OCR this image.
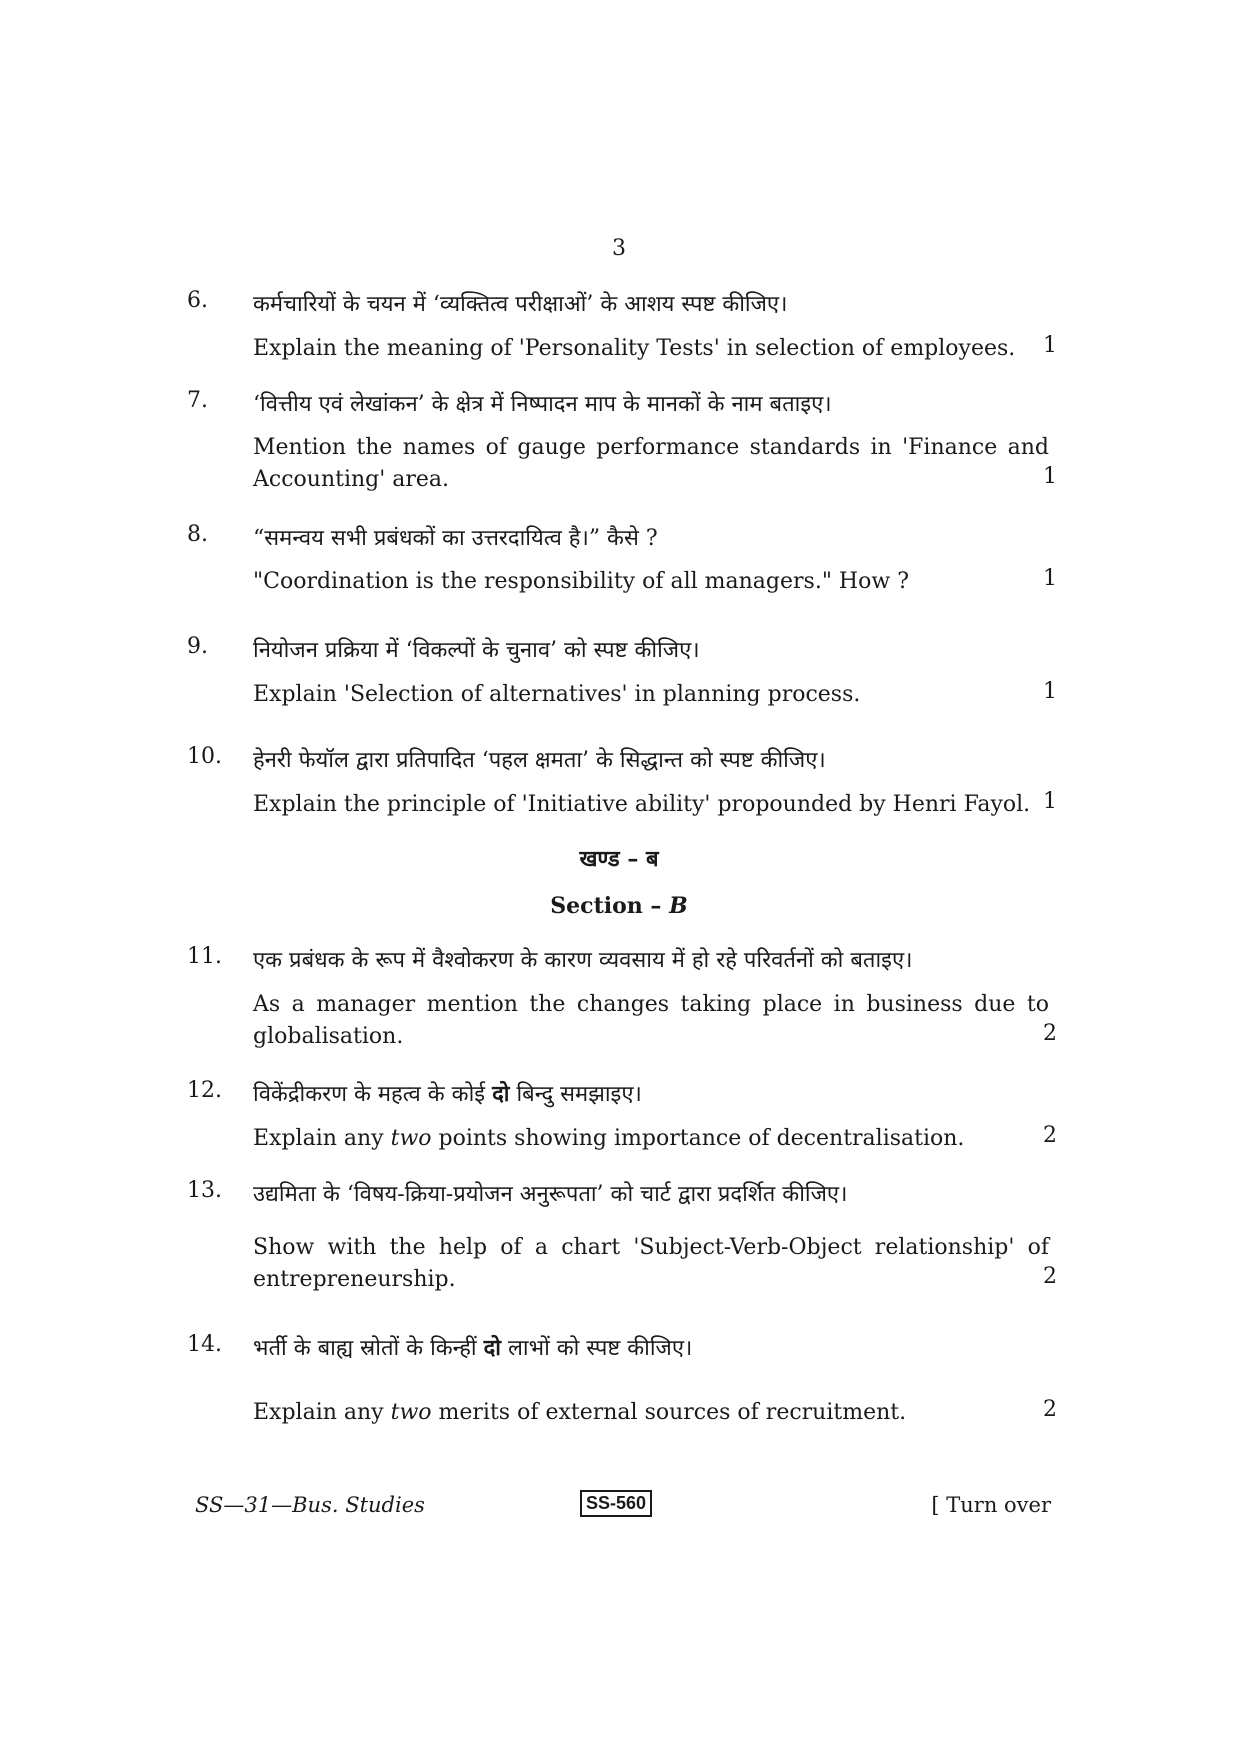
3
6.	कर्मचारियों के चयन में ‘व्यक्तित्व परीक्षाओं’ के आशय स्पष्ट कीजिए।
Explain the meaning of 'Personality Tests' in selection of employees.	1
7.	‘वित्तीय एवं लेखांकन’ के क्षेत्र में निष्पादन माप के मानकों के नाम बताइए।
Mention the names of gauge performance standards in 'Finance and Accounting' area.	1
8.	“समन्वय सभी प्रबंधकों का उत्तरदायित्व है।” कैसे ?
"Coordination is the responsibility of all managers." How ?	1
9.	नियोजन प्रक्रिया में ‘विकल्पों के चुनाव’ को स्पष्ट कीजिए।
Explain 'Selection of alternatives' in planning process.	1
10.	हेनरी फेयॉल द्वारा प्रतिपादित ‘पहल क्षमता’ के सिद्धान्त को स्पष्ट कीजिए।
Explain the principle of 'Initiative ability' propounded by Henri Fayol. 1
खण्ड – ब
Section – B
11.	एक प्रबंधक के रूप में वैश्वोकरण के कारण व्यवसाय में हो रहे परिवर्तनों को बताइए।
As a manager mention the changes taking place in business due to globalisation.	2
12.	विकेंद्रीकरण के महत्व के कोई दो बिन्दु समझाइए।
Explain any two points showing importance of decentralisation.	2
13.	उद्यमिता के ‘विषय-क्रिया-प्रयोजन अनुरूपता’ को चार्ट द्वारा प्रदर्शित कीजिए।
Show with the help of a chart 'Subject-Verb-Object relationship' of entrepreneurship.	2
14.	भर्ती के बाह्य स्रोतों के किन्हीं दो लाभों को स्पष्ट कीजिए।
Explain any two merits of external sources of recruitment.	2
SS—31—Bus. Studies	SS-560	[ Turn over
